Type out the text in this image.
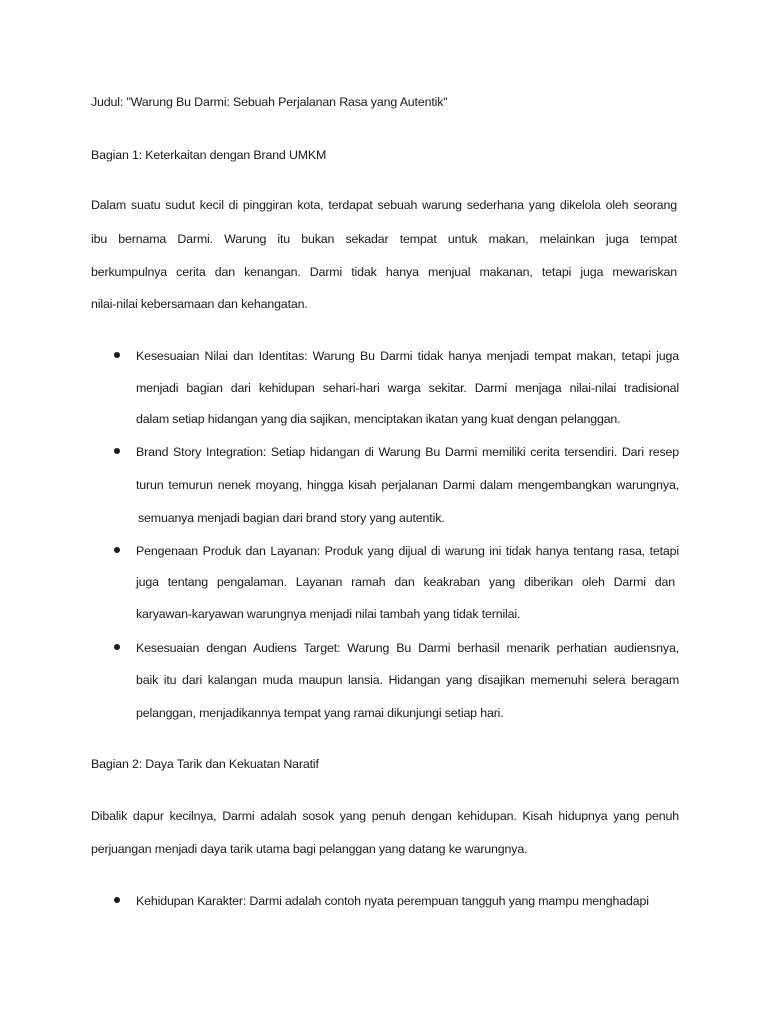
Judul: "Warung Bu Darmi: Sebuah Perjalanan Rasa yang Autentik"
Bagian 1: Keterkaitan dengan Brand UMKM
Dalam suatu sudut kecil di pinggiran kota, terdapat sebuah warung sederhana yang dikelola oleh seorang
ibu bernama Darmi. Warung itu bukan sekadar tempat untuk makan, melainkan juga tempat
berkumpulnya cerita dan kenangan. Darmi tidak hanya menjual makanan, tetapi juga mewariskan
nilai-nilai kebersamaan dan kehangatan.
Kesesuaian Nilai dan Identitas: Warung Bu Darmi tidak hanya menjadi tempat makan, tetapi juga
menjadi bagian dari kehidupan sehari-hari warga sekitar. Darmi menjaga nilai-nilai tradisional
dalam setiap hidangan yang dia sajikan, menciptakan ikatan yang kuat dengan pelanggan.
Brand Story Integration: Setiap hidangan di Warung Bu Darmi memiliki cerita tersendiri. Dari resep
turun temurun nenek moyang, hingga kisah perjalanan Darmi dalam mengembangkan warungnya,
semuanya menjadi bagian dari brand story yang autentik.
Pengenaan Produk dan Layanan: Produk yang dijual di warung ini tidak hanya tentang rasa, tetapi
juga tentang pengalaman. Layanan ramah dan keakraban yang diberikan oleh Darmi dan
karyawan-karyawan warungnya menjadi nilai tambah yang tidak ternilai.
Kesesuaian dengan Audiens Target: Warung Bu Darmi berhasil menarik perhatian audiensnya,
baik itu dari kalangan muda maupun lansia. Hidangan yang disajikan memenuhi selera beragam
pelanggan, menjadikannya tempat yang ramai dikunjungi setiap hari.
Bagian 2: Daya Tarik dan Kekuatan Naratif
Dibalik dapur kecilnya, Darmi adalah sosok yang penuh dengan kehidupan. Kisah hidupnya yang penuh
perjuangan menjadi daya tarik utama bagi pelanggan yang datang ke warungnya.
Kehidupan Karakter: Darmi adalah contoh nyata perempuan tangguh yang mampu menghadapi
